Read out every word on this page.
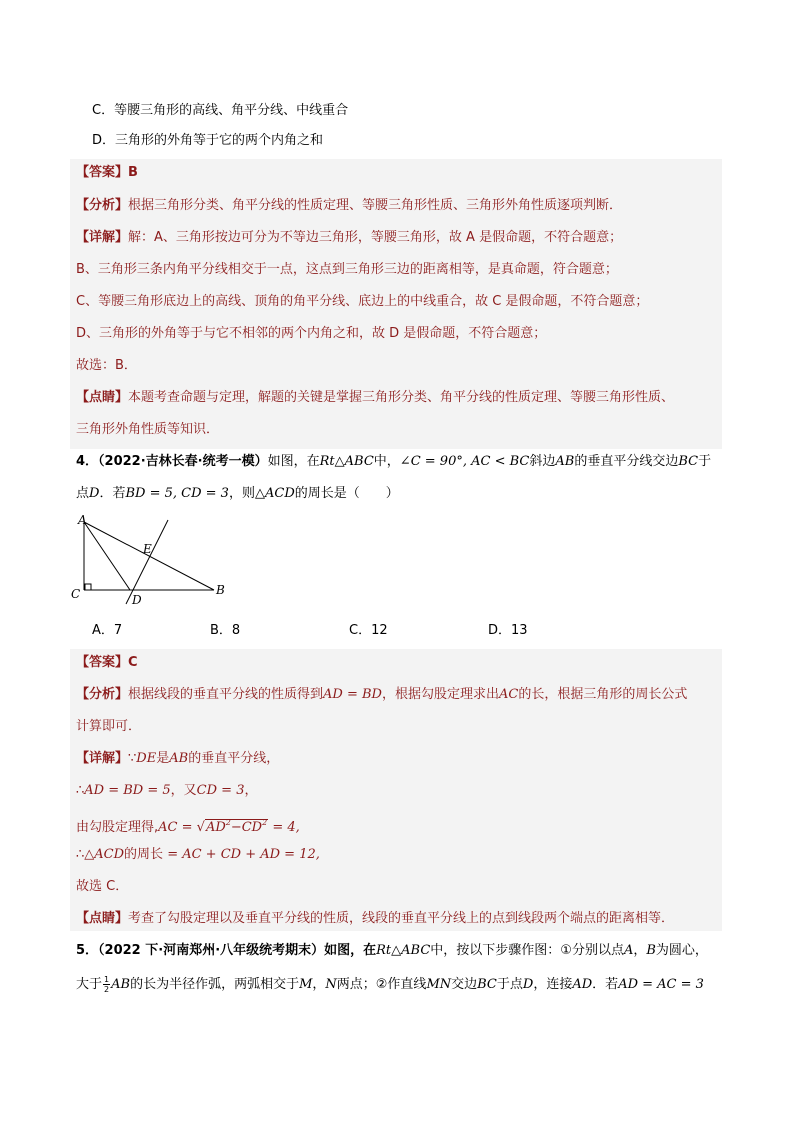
C．等腰三角形的高线、角平分线、中线重合
D．三角形的外角等于它的两个内角之和
【答案】B
【分析】根据三角形分类、角平分线的性质定理、等腰三角形性质、三角形外角性质逐项判断．
【详解】解：A、三角形按边可分为不等边三角形，等腰三角形，故 A 是假命题，不符合题意；
B、三角形三条内角平分线相交于一点，这点到三角形三边的距离相等，是真命题，符合题意；
C、等腰三角形底边上的高线、顶角的角平分线、底边上的中线重合，故 C 是假命题，不符合题意；
D、三角形的外角等于与它不相邻的两个内角之和，故 D 是假命题，不符合题意；
故选：B．
【点睛】本题考查命题与定理，解题的关键是掌握三角形分类、角平分线的性质定理、等腰三角形性质、
三角形外角性质等知识．
4．（2022·吉林长春·统考一模）如图，在Rt△ABC中，∠C = 90°, AC < BC斜边AB的垂直平分线交边BC于
点D．若BD = 5, CD = 3，则△ACD的周长是（　　）
A
B
C	D
E
A．7	B．8	C．12	D．13
【答案】C
【分析】根据线段的垂直平分线的性质得到AD = BD，根据勾股定理求出AC的长，根据三角形的周长公式
计算即可．
【详解】∵DE是AB的垂直平分线，
∴AD = BD = 5，又CD = 3，
由勾股定理得$,AC = √AD^2-CD^2 = 4$,
∴△ACD的周长 = AC + CD + AD = 12,
故选 C．
【点睛】考查了勾股定理以及垂直平分线的性质，线段的垂直平分线上的点到线段两个端点的距离相等．
5．（2022 下·河南郑州·八年级统考期末）如图，在Rt△ABC中，按以下步骤作图：①分别以点A，B为圆心，
大于 $\frac{1}{2}$ AB的长为半径作弧，两弧相交于M，N两点；②作直线MN交边BC于点D，连接AD．若AD = AC = 3
